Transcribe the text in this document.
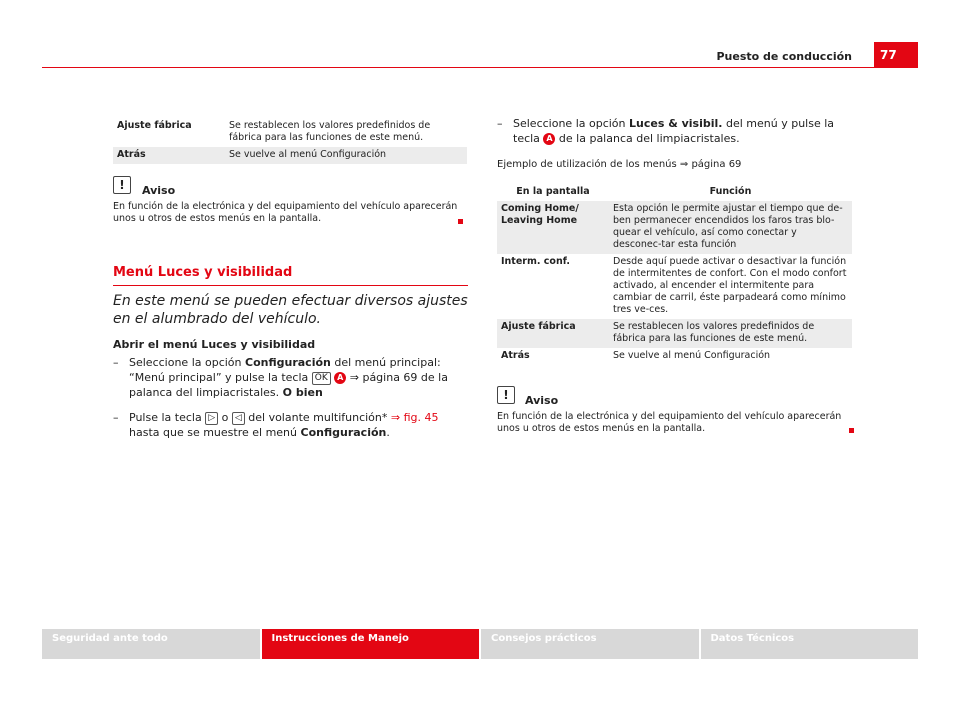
Puesto de conducción	77
Ajuste fábrica	Se restablecen los valores predefinidos de fábrica para las funciones de este menú.
Atrás	Se vuelve al menú Configuración
!	Aviso
En función de la electrónica y del equipamiento del vehículo aparecerán unos u otros de estos menús en la pantalla.
Menú Luces y visibilidad
En este menú se pueden efectuar diversos ajustes en el alumbrado del vehículo.
Abrir el menú Luces y visibilidad
– Seleccione la opción Configuración del menú principal: “Menú principal” y pulse la tecla OK A ⇒ página 69 de la palanca del limpiacristales. O bien
– Pulse la tecla ▷ o ◁ del volante multifunción* ⇒ fig. 45 hasta que se muestre el menú Configuración.
– Seleccione la opción Luces & visibil. del menú y pulse la tecla A de la palanca del limpiacristales.
Ejemplo de utilización de los menús ⇒ página 69
En la pantalla	Función
Coming Home/ Leaving Home	Esta opción le permite ajustar el tiempo que de-ben permanecer encendidos los faros tras blo-quear el vehículo, así como conectar y desconec-tar esta función
Interm. conf.	Desde aquí puede activar o desactivar la función de intermitentes de confort. Con el modo confort activado, al encender el intermitente para cambiar de carril, éste parpadeará como mínimo tres ve-ces.
Ajuste fábrica	Se restablecen los valores predefinidos de fábrica para las funciones de este menú.
Atrás	Se vuelve al menú Configuración
!	Aviso
En función de la electrónica y del equipamiento del vehículo aparecerán unos u otros de estos menús en la pantalla.
Seguridad ante todo	Instrucciones de Manejo	Consejos prácticos	Datos Técnicos
